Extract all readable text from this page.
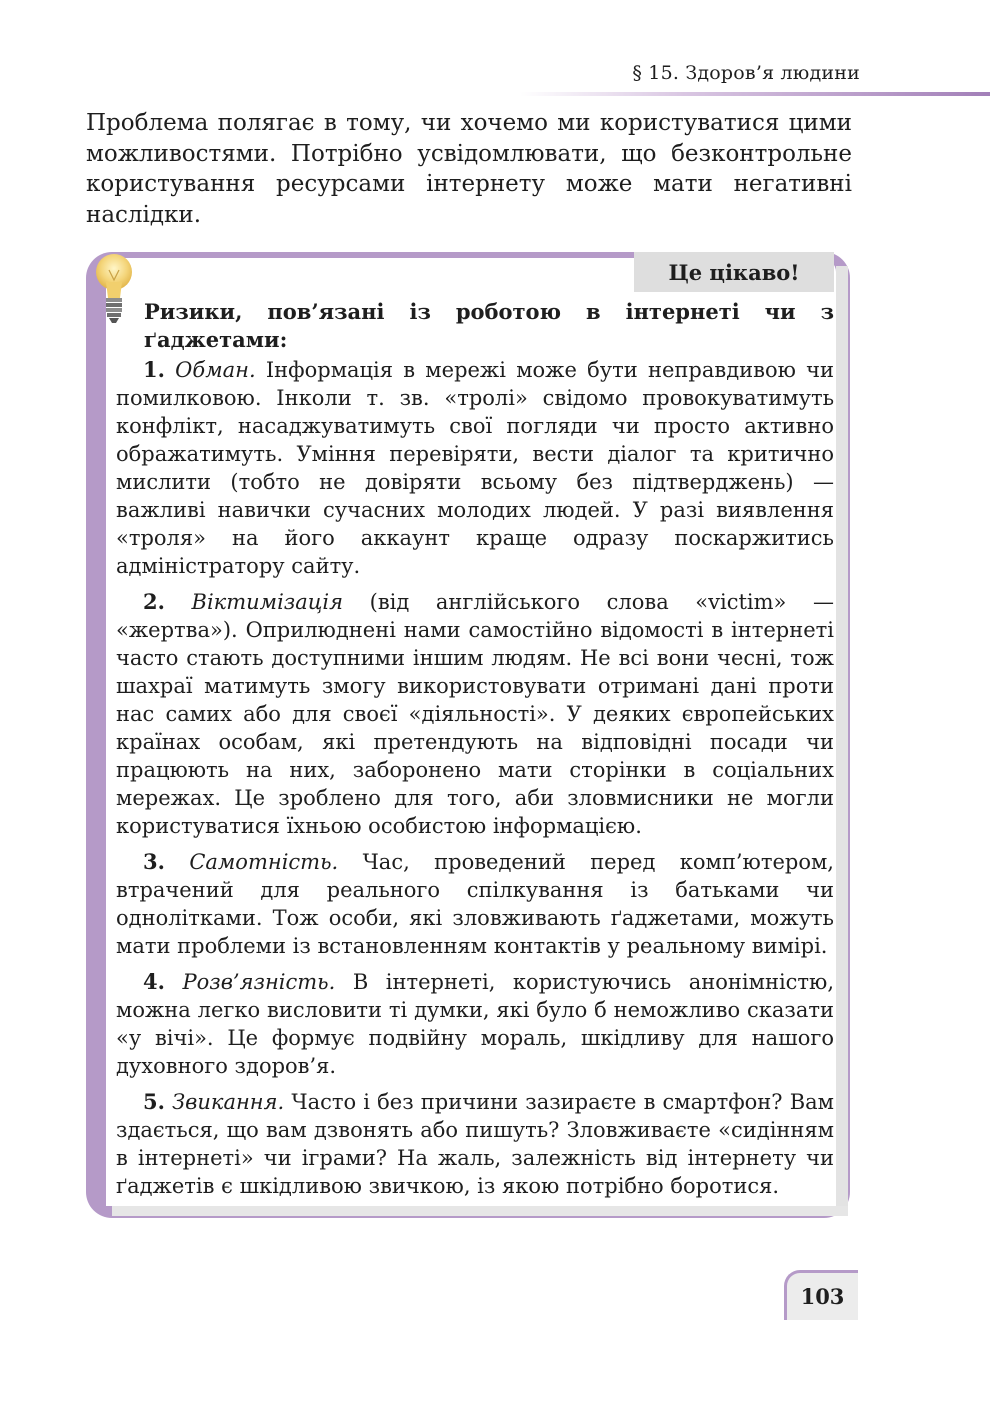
§ 15. Здоров’я людини

Проблема полягає в тому, чи хочемо ми користуватися цими можливостями. Потрібно усвідомлювати, що безконтрольне користування ресурсами інтернету може мати негативні наслідки.

Це цікаво!

Ризики, пов’язані із роботою в інтернеті чи з ґаджетами:

1. Обман. Інформація в мережі може бути неправдивою чи помилковою. Інколи т. зв. «тролі» свідомо провокуватимуть конфлікт, насаджуватимуть свої погляди чи просто активно ображатимуть. Уміння перевіряти, вести діалог та критично мислити (тобто не довіряти всьому без підтверджень) — важливі навички сучасних молодих людей. У разі виявлення «троля» на його аккаунт краще одразу поскаржитись адміністратору сайту.

2. Віктимізація (від англійського слова «victim» — «жертва»). Оприлюднені нами самостійно відомості в інтернеті часто стають доступними іншим людям. Не всі вони чесні, тож шахраї матимуть змогу використовувати отримані дані проти нас самих або для своєї «діяльності». У деяких європейських країнах особам, які претендують на відповідні посади чи працюють на них, заборонено мати сторінки в соціальних мережах. Це зроблено для того, аби зловмисники не могли користуватися їхньою особистою інформацією.

3. Самотність. Час, проведений перед комп’ютером, втрачений для реального спілкування із батьками чи однолітками. Тож особи, які зловживають ґаджетами, можуть мати проблеми із встановленням контактів у реальному вимірі.

4. Розв’язність. В інтернеті, користуючись анонімністю, можна легко висловити ті думки, які було б неможливо сказати «у вічі». Це формує подвійну мораль, шкідливу для нашого духовного здоров’я.

5. Звикання. Часто і без причини зазираєте в смартфон? Вам здається, що вам дзвонять або пишуть? Зловживаєте «сидінням в інтернеті» чи іграми? На жаль, залежність від інтернету чи ґаджетів є шкідливою звичкою, із якою потрібно боротися.

103
